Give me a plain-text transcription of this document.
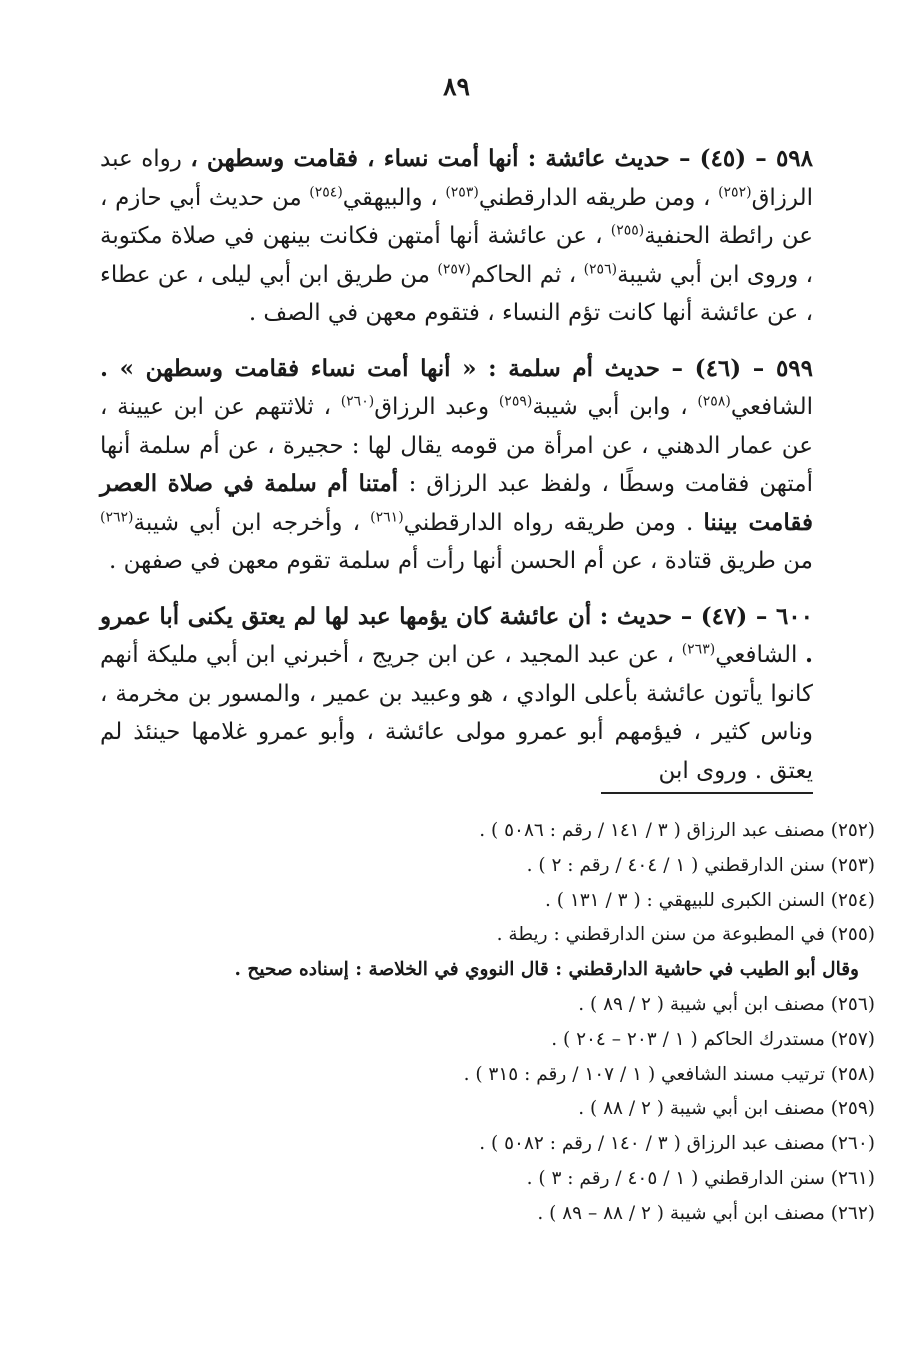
٨٩

٥٩٨ – (٤٥) – حديث عائشة : أنها أمت نساء ، فقامت وسطهن ، رواه عبد الرزاق$^{(٢٥٢)}$ ، ومن طريقه الدارقطني$^{(٢٥٣)}$ ، والبيهقي$^{(٢٥٤)}$ من حديث أبي حازم ، عن رائطة الحنفية$^{(٢٥٥)}$ ، عن عائشة أنها أمتهن فكانت بينهن في صلاة مكتوبة ، وروى ابن أبي شيبة$^{(٢٥٦)}$ ، ثم الحاكم$^{(٢٥٧)}$ من طريق ابن أبي ليلى ، عن عطاء ، عن عائشة أنها كانت تؤم النساء ، فتقوم معهن في الصف .

٥٩٩ – (٤٦) – حديث أم سلمة : « أنها أمت نساء فقامت وسطهن » . الشافعي$^{(٢٥٨)}$ ، وابن أبي شيبة$^{(٢٥٩)}$ وعبد الرزاق$^{(٢٦٠)}$ ، ثلاثتهم عن ابن عيينة ، عن عمار الدهني ، عن امرأة من قومه يقال لها : حجيرة ، عن أم سلمة أنها أمتهن فقامت وسطًا ، ولفظ عبد الرزاق : أمتنا أم سلمة في صلاة العصر فقامت بيننا . ومن طريقه رواه الدارقطني$^{(٢٦١)}$ ، وأخرجه ابن أبي شيبة$^{(٢٦٢)}$ من طريق قتادة ، عن أم الحسن أنها رأت أم سلمة تقوم معهن في صفهن .

٦٠٠ – (٤٧) – حديث : أن عائشة كان يؤمها عبد لها لم يعتق يكنى أبا عمرو . الشافعي$^{(٢٦٣)}$ ، عن عبد المجيد ، عن ابن جريج ، أخبرني ابن أبي مليكة أنهم كانوا يأتون عائشة بأعلى الوادي ، هو وعبيد بن عمير ، والمسور بن مخرمة ، وناس كثير ، فيؤمهم أبو عمرو مولى عائشة ، وأبو عمرو غلامها حينئذ لم يعتق . وروى ابن

(٢٥٢) مصنف عبد الرزاق ( ٣ / ١٤١ / رقم : ٥٠٨٦ ) .
(٢٥٣) سنن الدارقطني ( ١ / ٤٠٤ / رقم : ٢ ) .
(٢٥٤) السنن الكبرى للبيهقي : ( ٣ / ١٣١ ) .
(٢٥٥) في المطبوعة من سنن الدارقطني : ريطة .
وقال أبو الطيب في حاشية الدارقطني : قال النووي في الخلاصة : إسناده صحيح .
(٢٥٦) مصنف ابن أبي شيبة ( ٢ / ٨٩ ) .
(٢٥٧) مستدرك الحاكم ( ١ / ٢٠٣ – ٢٠٤ ) .
(٢٥٨) ترتيب مسند الشافعي ( ١ / ١٠٧ / رقم : ٣١٥ ) .
(٢٥٩) مصنف ابن أبي شيبة ( ٢ / ٨٨ ) .
(٢٦٠) مصنف عبد الرزاق ( ٣ / ١٤٠ / رقم : ٥٠٨٢ ) .
(٢٦١) سنن الدارقطني ( ١ / ٤٠٥ / رقم : ٣ ) .
(٢٦٢) مصنف ابن أبي شيبة ( ٢ / ٨٨ – ٨٩ ) .
